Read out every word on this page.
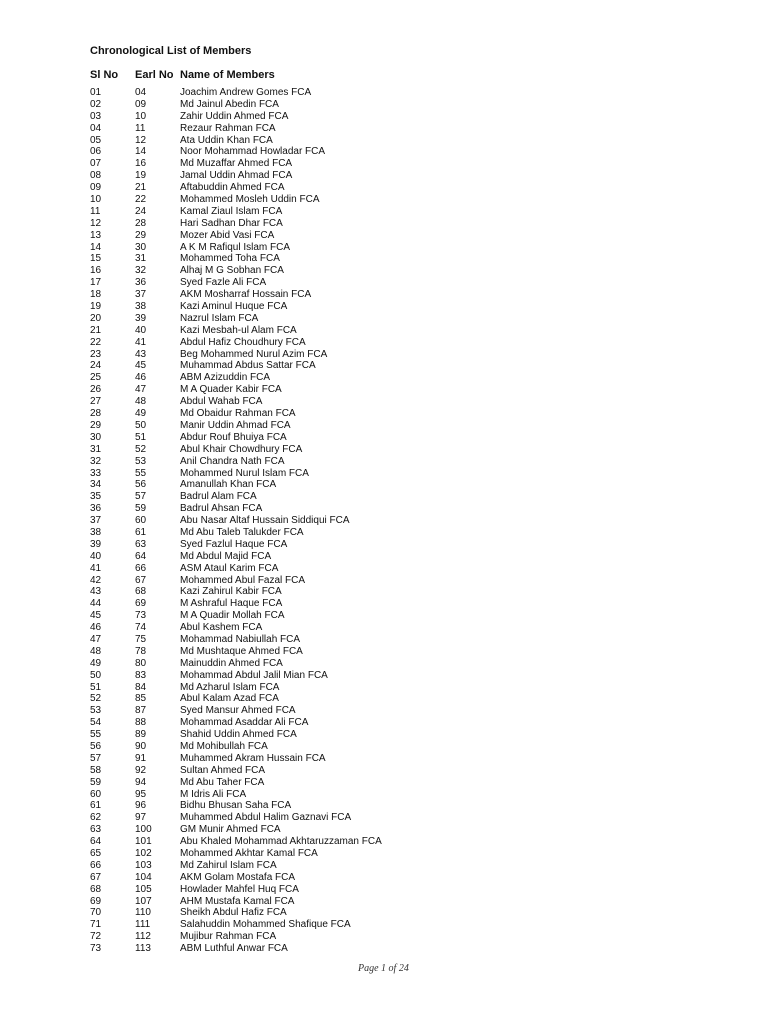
Chronological List of Members
Sl No Earl No Name of Members
01	04	Joachim Andrew Gomes FCA
02	09	Md Jainul Abedin FCA
03	10	Zahir Uddin Ahmed FCA
04	11	Rezaur Rahman FCA
05	12	Ata Uddin Khan FCA
06	14	Noor Mohammad Howladar FCA
07	16	Md Muzaffar Ahmed FCA
08	19	Jamal Uddin Ahmad FCA
09	21	Aftabuddin Ahmed FCA
10	22	Mohammed Mosleh Uddin FCA
11	24	Kamal Ziaul Islam FCA
12	28	Hari Sadhan Dhar FCA
13	29	Mozer Abid Vasi FCA
14	30	A K M Rafiqul Islam FCA
15	31	Mohammed Toha FCA
16	32	Alhaj M G Sobhan FCA
17	36	Syed Fazle Ali FCA
18	37	AKM Mosharraf Hossain FCA
19	38	Kazi Aminul Huque FCA
20	39	Nazrul Islam FCA
21	40	Kazi Mesbah-ul Alam FCA
22	41	Abdul Hafiz Choudhury FCA
23	43	Beg Mohammed Nurul Azim FCA
24	45	Muhammad Abdus Sattar FCA
25	46	ABM Azizuddin FCA
26	47	M A Quader Kabir FCA
27	48	Abdul Wahab FCA
28	49	Md Obaidur Rahman FCA
29	50	Manir Uddin Ahmad FCA
30	51	Abdur Rouf Bhuiya FCA
31	52	Abul Khair Chowdhury FCA
32	53	Anil Chandra Nath FCA
33	55	Mohammed Nurul Islam FCA
34	56	Amanullah Khan FCA
35	57	Badrul Alam FCA
36	59	Badrul Ahsan FCA
37	60	Abu Nasar Altaf Hussain Siddiqui FCA
38	61	Md Abu Taleb Talukder FCA
39	63	Syed Fazlul Haque FCA
40	64	Md Abdul Majid FCA
41	66	ASM Ataul Karim FCA
42	67	Mohammed Abul Fazal FCA
43	68	Kazi Zahirul Kabir FCA
44	69	M Ashraful Haque FCA
45	73	M A Quadir Mollah FCA
46	74	Abul Kashem FCA
47	75	Mohammad Nabiullah FCA
48	78	Md Mushtaque Ahmed FCA
49	80	Mainuddin Ahmed FCA
50	83	Mohammad Abdul Jalil Mian FCA
51	84	Md Azharul Islam FCA
52	85	Abul Kalam Azad FCA
53	87	Syed Mansur Ahmed FCA
54	88	Mohammad Asaddar Ali FCA
55	89	Shahid Uddin Ahmed FCA
56	90	Md Mohibullah FCA
57	91	Muhammed Akram Hussain FCA
58	92	Sultan Ahmed FCA
59	94	Md Abu Taher FCA
60	95	M Idris Ali FCA
61	96	Bidhu Bhusan Saha FCA
62	97	Muhammed Abdul Halim Gaznavi FCA
63	100	GM Munir Ahmed FCA
64	101	Abu Khaled Mohammad Akhtaruzzaman FCA
65	102	Mohammed Akhtar Kamal FCA
66	103	Md Zahirul Islam FCA
67	104	AKM Golam Mostafa FCA
68	105	Howlader Mahfel Huq FCA
69	107	AHM Mustafa Kamal FCA
70	110	Sheikh Abdul Hafiz FCA
71	111	Salahuddin Mohammed Shafique FCA
72	112	Mujibur Rahman FCA
73	113	ABM Luthful Anwar FCA
Page 1 of 24
